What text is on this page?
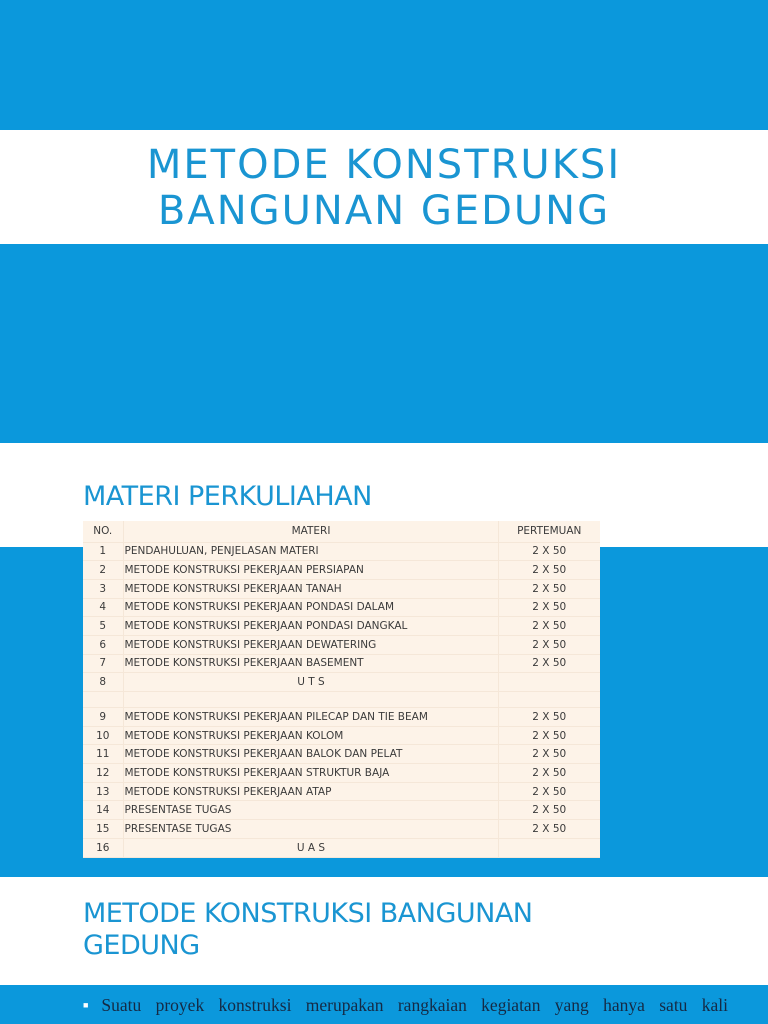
METODE KONSTRUKSI
BANGUNAN GEDUNG
MATERI PERKULIAHAN
NO.	MATERI	PERTEMUAN
1	PENDAHULUAN, PENJELASAN MATERI	2 X 50
2	METODE KONSTRUKSI PEKERJAAN PERSIAPAN	2 X 50
3	METODE KONSTRUKSI PEKERJAAN TANAH	2 X 50
4	METODE KONSTRUKSI PEKERJAAN PONDASI DALAM	2 X 50
5	METODE KONSTRUKSI PEKERJAAN PONDASI DANGKAL	2 X 50
6	METODE KONSTRUKSI PEKERJAAN DEWATERING	2 X 50
7	METODE KONSTRUKSI PEKERJAAN BASEMENT	2 X 50
8	U T S	

9	METODE KONSTRUKSI PEKERJAAN PILECAP DAN TIE BEAM	2 X 50
10	METODE KONSTRUKSI PEKERJAAN KOLOM	2 X 50
11	METODE KONSTRUKSI PEKERJAAN BALOK DAN PELAT	2 X 50
12	METODE KONSTRUKSI PEKERJAAN STRUKTUR BAJA	2 X 50
13	METODE KONSTRUKSI PEKERJAAN ATAP	2 X 50
14	PRESENTASE TUGAS	2 X 50
15	PRESENTASE TUGAS	2 X 50
16	U A S	
METODE KONSTRUKSI BANGUNAN
GEDUNG
■ Suatu proyek konstruksi merupakan rangkaian kegiatan yang hanya satu kali
